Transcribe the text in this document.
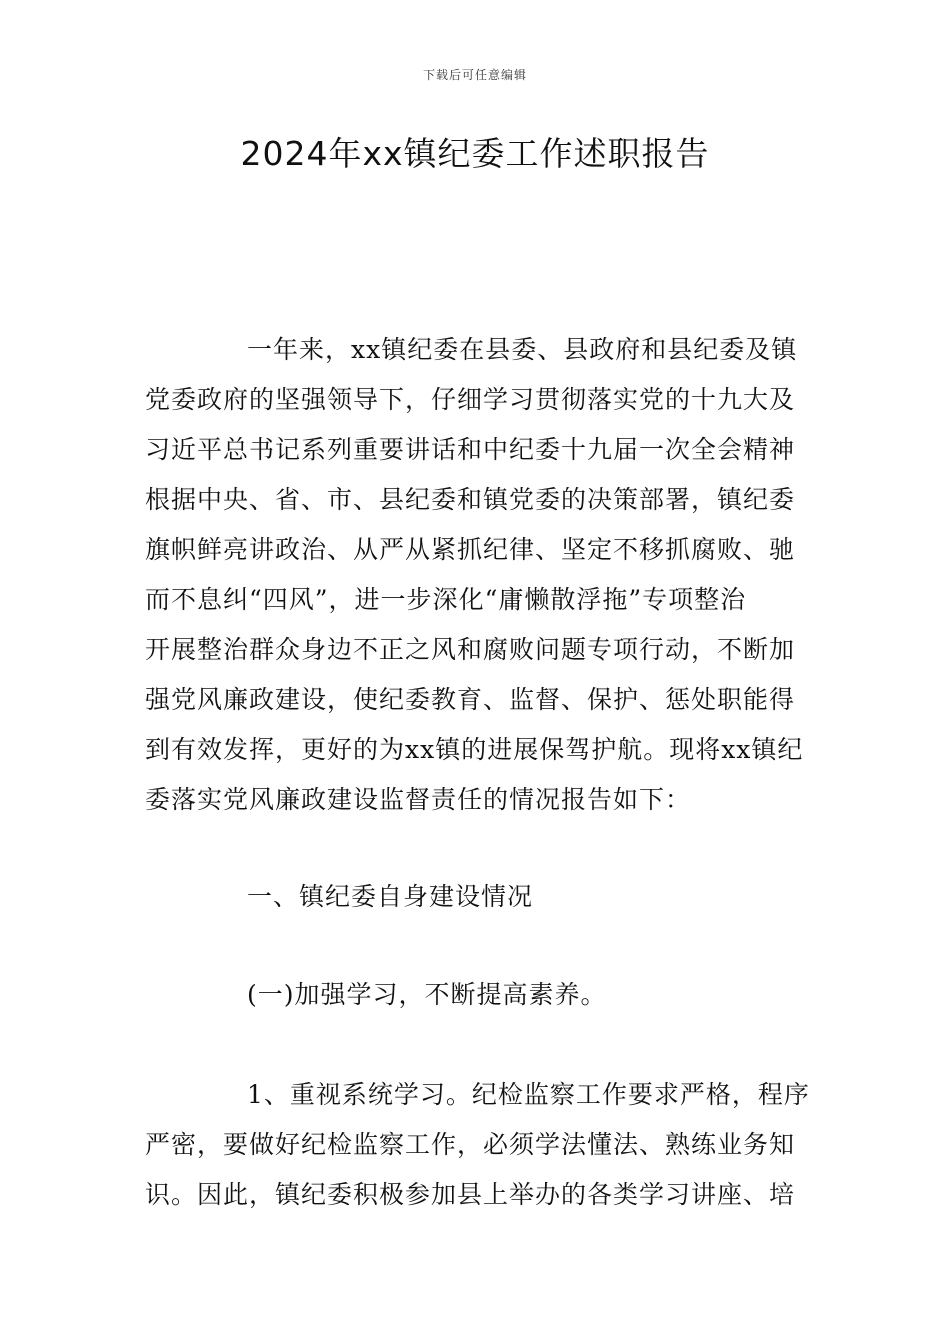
下载后可任意编辑
2024年xx镇纪委工作述职报告
一年来，xx镇纪委在县委、县政府和县纪委及镇
党委政府的坚强领导下，仔细学习贯彻落实党的十九大及
习近平总书记系列重要讲话和中纪委十九届一次全会精神
根据中央、省、市、县纪委和镇党委的决策部署，镇纪委
旗帜鲜亮讲政治、从严从紧抓纪律、坚定不移抓腐败、驰
而不息纠“四风”，进一步深化“庸懒散浮拖”专项整治
开展整治群众身边不正之风和腐败问题专项行动，不断加
强党风廉政建设，使纪委教育、监督、保护、惩处职能得
到有效发挥，更好的为xx镇的进展保驾护航。现将xx镇纪
委落实党风廉政建设监督责任的情况报告如下：
一、镇纪委自身建设情况
(一)加强学习，不断提高素养。
1、重视系统学习。纪检监察工作要求严格，程序
严密，要做好纪检监察工作，必须学法懂法、熟练业务知
识。因此，镇纪委积极参加县上举办的各类学习讲座、培
